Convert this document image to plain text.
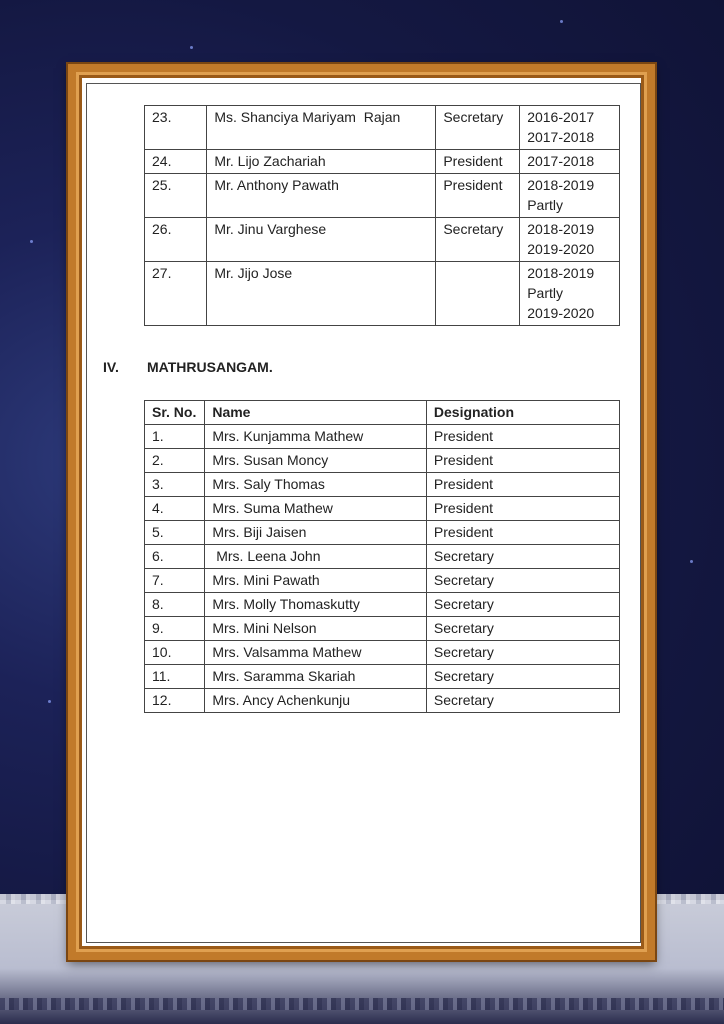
23.	Ms. Shanciya Mariyam  Rajan	Secretary	2016-2017
2017-2018
24.	Mr. Lijo Zachariah	President	2017-2018
25.	Mr. Anthony Pawath	President	2018-2019
Partly
26.	Mr. Jinu Varghese	Secretary	2018-2019
2019-2020
27.	Mr. Jijo Jose		2018-2019
Partly
2019-2020
IV. MATHRUSANGAM.
Sr. No.	Name	Designation
1.	Mrs. Kunjamma Mathew	President
2.	Mrs. Susan Moncy	President
3.	Mrs. Saly Thomas	President
4.	Mrs. Suma Mathew	President
5.	Mrs. Biji Jaisen	President
6.	Mrs. Leena John	Secretary
7.	Mrs. Mini Pawath	Secretary
8.	Mrs. Molly Thomaskutty	Secretary
9.	Mrs. Mini Nelson	Secretary
10.	Mrs. Valsamma Mathew	Secretary
11.	Mrs. Saramma Skariah	Secretary
12.	Mrs. Ancy Achenkunju	Secretary
